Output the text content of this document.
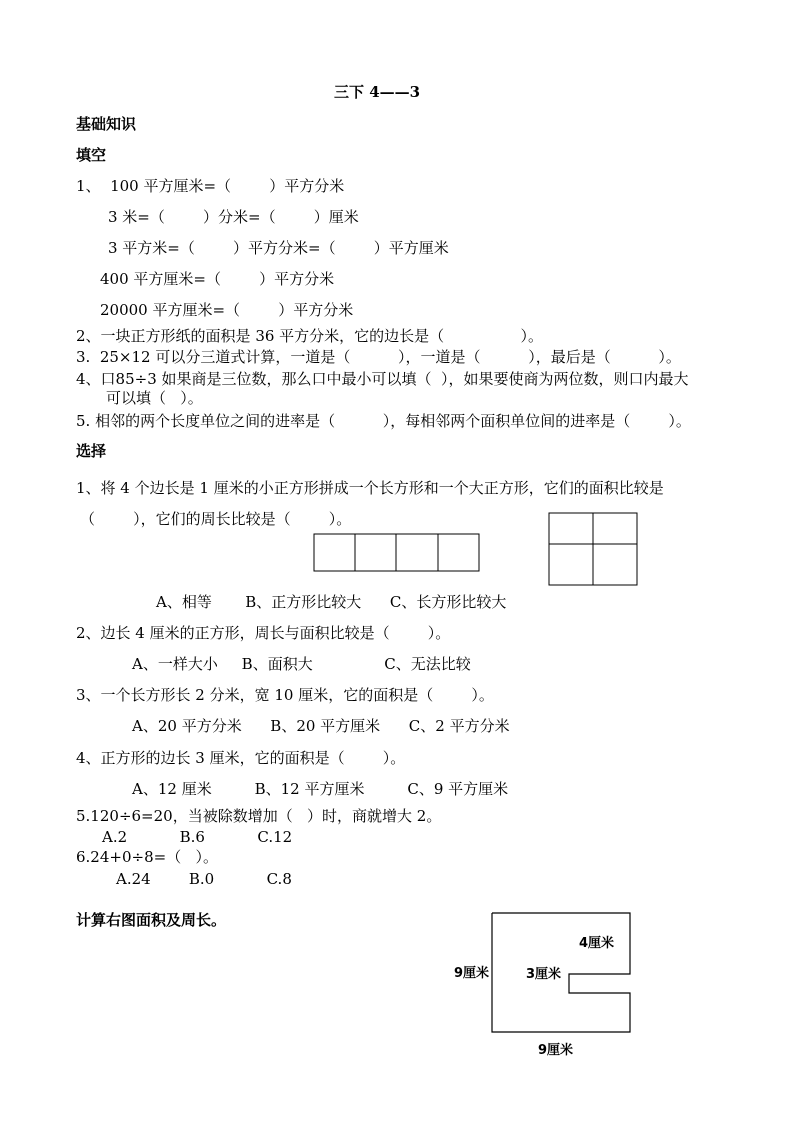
三下 4——3
基础知识
填空
1、  100 平方厘米=（        ）平方分米
3 米=（        ）分米=（        ）厘米
3 平方米=（        ）平方分米=（        ）平方厘米
400 平方厘米=（        ）平方分米
20000 平方厘米=（        ）平方分米
2、一块正方形纸的面积是 36 平方分米，它的边长是（                ）。
3.  25×12 可以分三道式计算，一道是（          ），一道是（          ），最后是（          ）。
4、口85÷3 如果商是三位数，那么口中最小可以填（  ），如果要使商为两位数，则口内最大
可以填（   ）。
5. 相邻的两个长度单位之间的进率是（          ），每相邻两个面积单位间的进率是（        ）。
选择
1、将 4 个边长是 1 厘米的小正方形拼成一个长方形和一个大正方形，它们的面积比较是
（        ），它们的周长比较是（        ）。
A、相等       B、正方形比较大      C、长方形比较大
2、边长 4 厘米的正方形，周长与面积比较是（        ）。
A、一样大小     B、面积大               C、无法比较
3、一个长方形长 2 分米，宽 10 厘米，它的面积是（        ）。
A、20 平方分米      B、20 平方厘米      C、2 平方分米
4、正方形的边长 3 厘米，它的面积是（        ）。
A、12 厘米         B、12 平方厘米         C、9 平方厘米
5.120÷6=20，当被除数增加（   ）时，商就增大 2。
A.2           B.6           C.12
6.24+0÷8=（   ）。
A.24        B.0           C.8
计算右图面积及周长。
9厘米
4厘米
3厘米
9厘米
